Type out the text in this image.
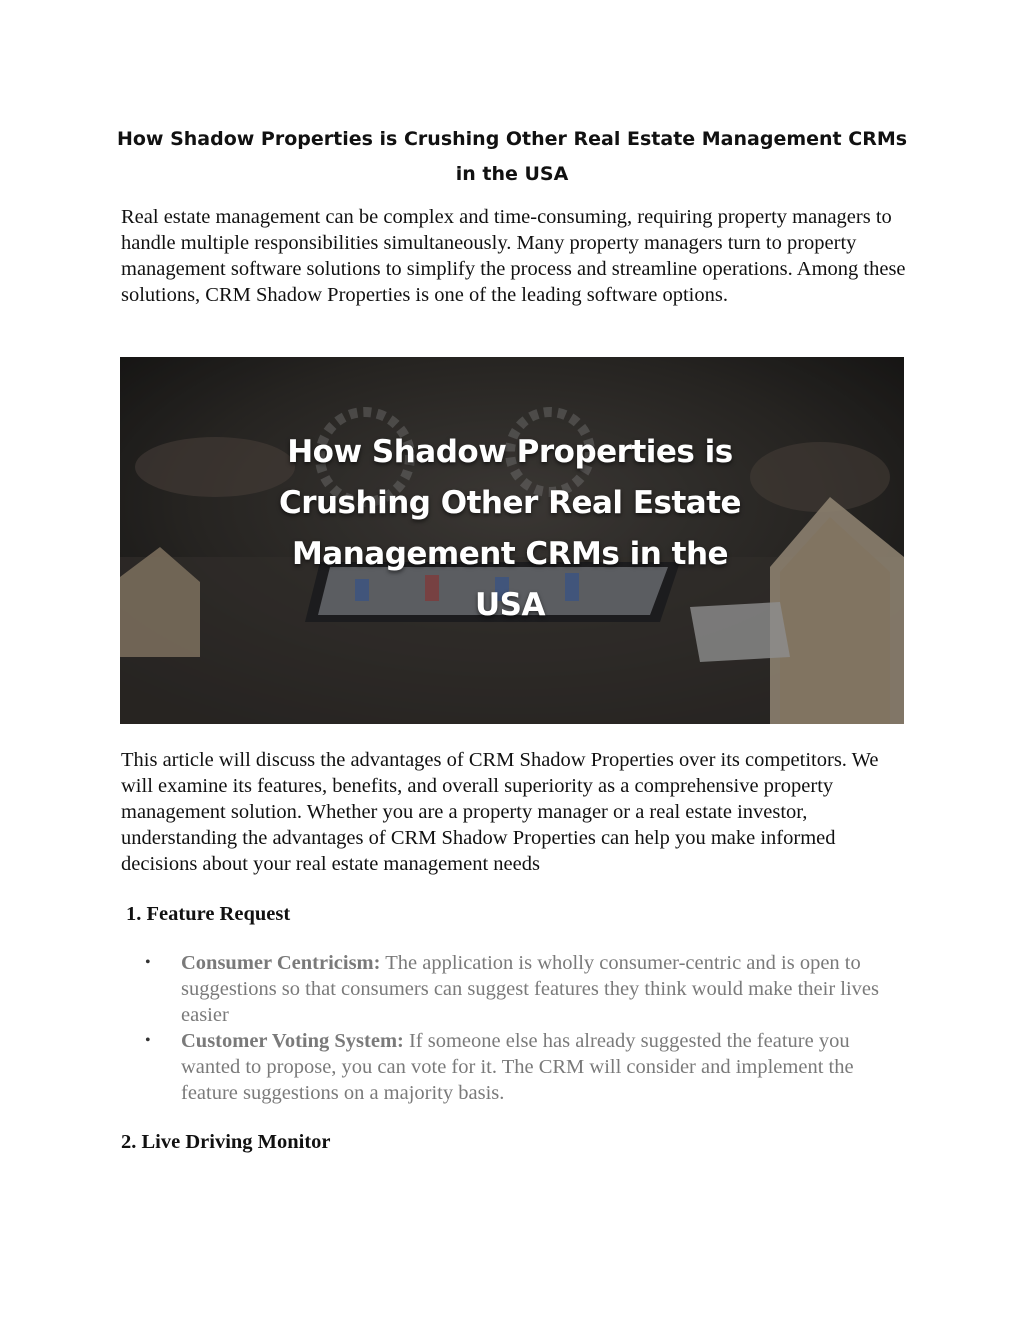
How Shadow Properties is Crushing Other Real Estate Management CRMs
in the USA

Real estate management can be complex and time-consuming, requiring property managers to handle multiple responsibilities simultaneously. Many property managers turn to property management software solutions to simplify the process and streamline operations. Among these solutions, CRM Shadow Properties is one of the leading software options.

How Shadow Properties is
Crushing Other Real Estate
Management CRMs in the
USA

This article will discuss the advantages of CRM Shadow Properties over its competitors. We will examine its features, benefits, and overall superiority as a comprehensive property management solution. Whether you are a property manager or a real estate investor, understanding the advantages of CRM Shadow Properties can help you make informed decisions about your real estate management needs

1. Feature Request
• Consumer Centricism: The application is wholly consumer-centric and is open to suggestions so that consumers can suggest features they think would make their lives easier
• Customer Voting System: If someone else has already suggested the feature you wanted to propose, you can vote for it. The CRM will consider and implement the feature suggestions on a majority basis.
2. Live Driving Monitor
